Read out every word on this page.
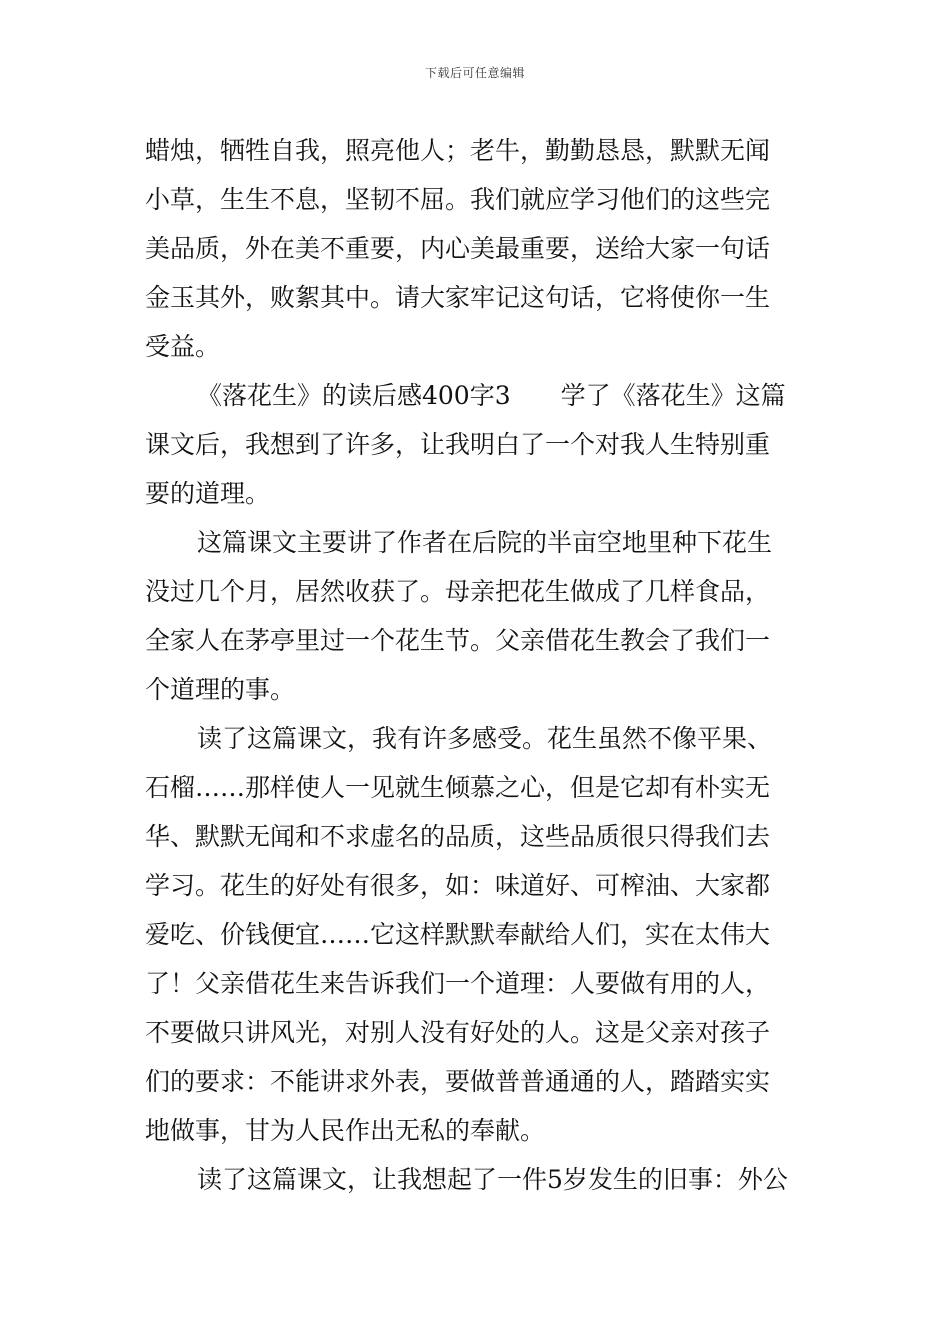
下载后可任意编辑
蜡烛，牺牲自我，照亮他人；老牛，勤勤恳恳，默默无闻
小草，生生不息，坚韧不屈。我们就应学习他们的这些完
美品质，外在美不重要，内心美最重要，送给大家一句话
金玉其外，败絮其中。请大家牢记这句话，它将使你一生
受益。
《落花生》的读后感400字3　　学了《落花生》这篇
课文后，我想到了许多，让我明白了一个对我人生特别重
要的道理。
这篇课文主要讲了作者在后院的半亩空地里种下花生
没过几个月，居然收获了。母亲把花生做成了几样食品，
全家人在茅亭里过一个花生节。父亲借花生教会了我们一
个道理的事。
读了这篇课文，我有许多感受。花生虽然不像平果、
石榴……那样使人一见就生倾慕之心，但是它却有朴实无
华、默默无闻和不求虚名的品质，这些品质很只得我们去
学习。花生的好处有很多，如：味道好、可榨油、大家都
爱吃、价钱便宜……它这样默默奉献给人们，实在太伟大
了！父亲借花生来告诉我们一个道理：人要做有用的人，
不要做只讲风光，对别人没有好处的人。这是父亲对孩子
们的要求：不能讲求外表，要做普普通通的人，踏踏实实
地做事，甘为人民作出无私的奉献。
读了这篇课文，让我想起了一件5岁发生的旧事：外公
